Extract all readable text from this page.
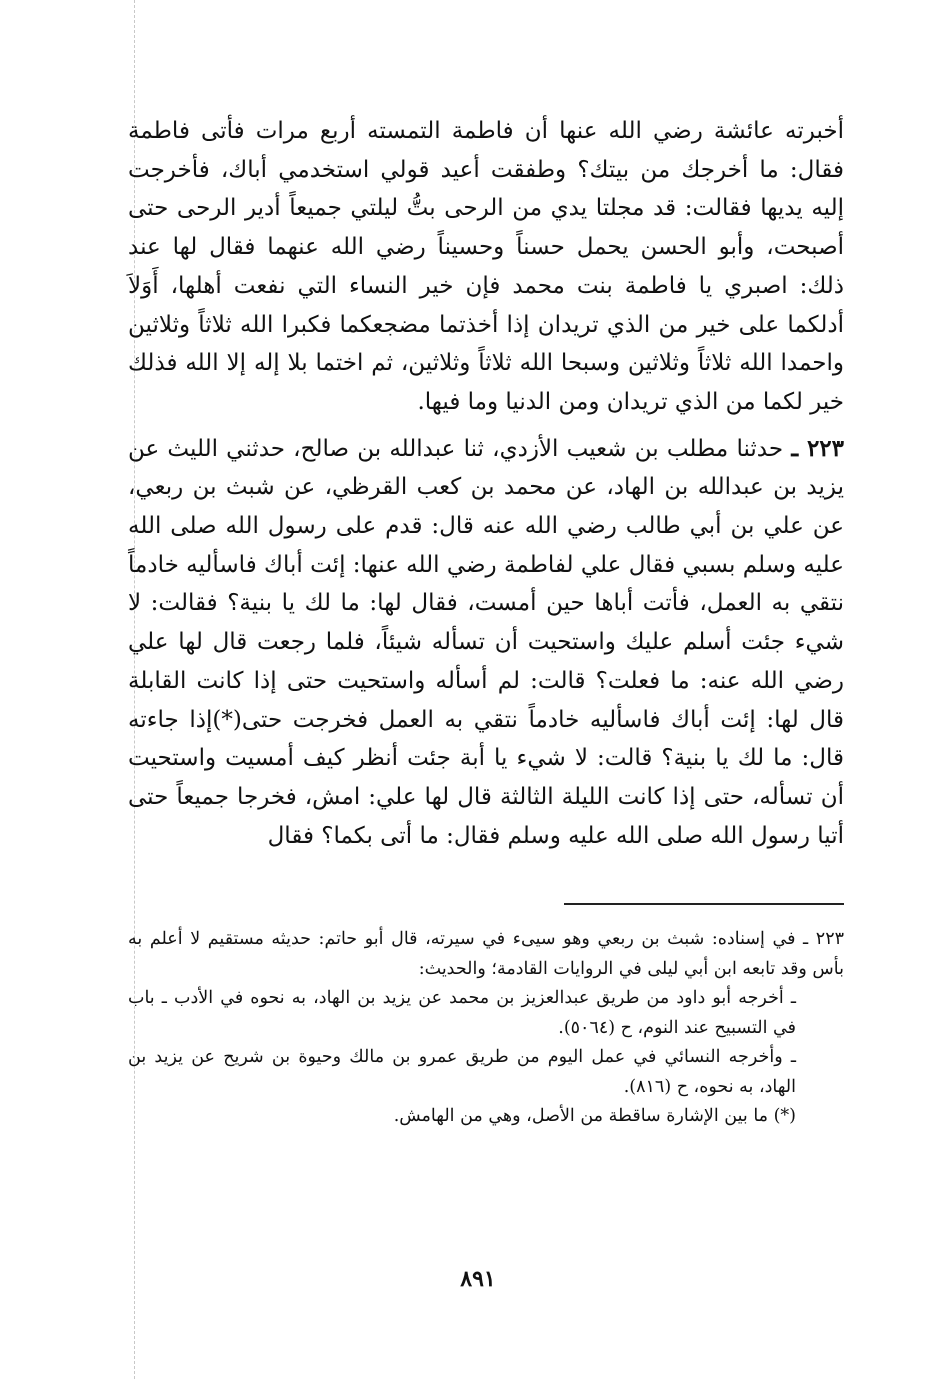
أخبرته عائشة رضي الله عنها أن فاطمة التمسته أربع مرات فأتى فاطمة فقال: ما أخرجك من بيتك؟ وطفقت أعيد قولي استخدمي أباك، فأخرجت إليه يديها فقالت: قد مجلتا يدي من الرحى بتُّ ليلتي جميعاً أدير الرحى حتى أصبحت، وأبو الحسن يحمل حسناً وحسيناً رضي الله عنهما فقال لها عند ذلك: اصبري يا فاطمة بنت محمد فإن خير النساء التي نفعت أهلها، أَوَلاَ أدلكما على خير من الذي تريدان إذا أخذتما مضجعكما فكبرا الله ثلاثاً وثلاثين واحمدا الله ثلاثاً وثلاثين وسبحا الله ثلاثاً وثلاثين، ثم اختما بلا إله إلا الله فذلك خير لكما من الذي تريدان ومن الدنيا وما فيها.

٢٢٣ ـ حدثنا مطلب بن شعيب الأزدي، ثنا عبدالله بن صالح، حدثني الليث عن يزيد بن عبدالله بن الهاد، عن محمد بن كعب القرظي، عن شبث بن ربعي، عن علي بن أبي طالب رضي الله عنه قال: قدم على رسول الله صلى الله عليه وسلم بسبي فقال علي لفاطمة رضي الله عنها: إئت أباك فاسأليه خادماً نتقي به العمل، فأتت أباها حين أمست، فقال لها: ما لك يا بنية؟ فقالت: لا شيء جئت أسلم عليك واستحيت أن تسأله شيئاً، فلما رجعت قال لها علي رضي الله عنه: ما فعلت؟ قالت: لم أسأله واستحيت حتى إذا كانت القابلة قال لها: إئت أباك فاسأليه خادماً نتقي به العمل فخرجت حتى(*)إذا جاءته قال: ما لك يا بنية؟ قالت: لا شيء يا أبة جئت أنظر كيف أمسيت واستحيت أن تسأله، حتى إذا كانت الليلة الثالثة قال لها علي: امش، فخرجا جميعاً حتى أتيا رسول الله صلى الله عليه وسلم فقال: ما أتى بكما؟ فقال

٢٢٣ ـ في إسناده: شبث بن ربعي وهو سيىء في سيرته، قال أبو حاتم: حديثه مستقيم لا أعلم به بأس وقد تابعه ابن أبي ليلى في الروايات القادمة؛ والحديث:

ـ أخرجه أبو داود من طريق عبدالعزيز بن محمد عن يزيد بن الهاد، به نحوه في الأدب ـ باب في التسبيح عند النوم، ح (٥٠٦٤).

ـ وأخرجه النسائي في عمل اليوم من طريق عمرو بن مالك وحيوة بن شريح عن يزيد بن الهاد، به نحوه، ح (٨١٦).

(*) ما بين الإشارة ساقطة من الأصل، وهي من الهامش.

٨٩١
